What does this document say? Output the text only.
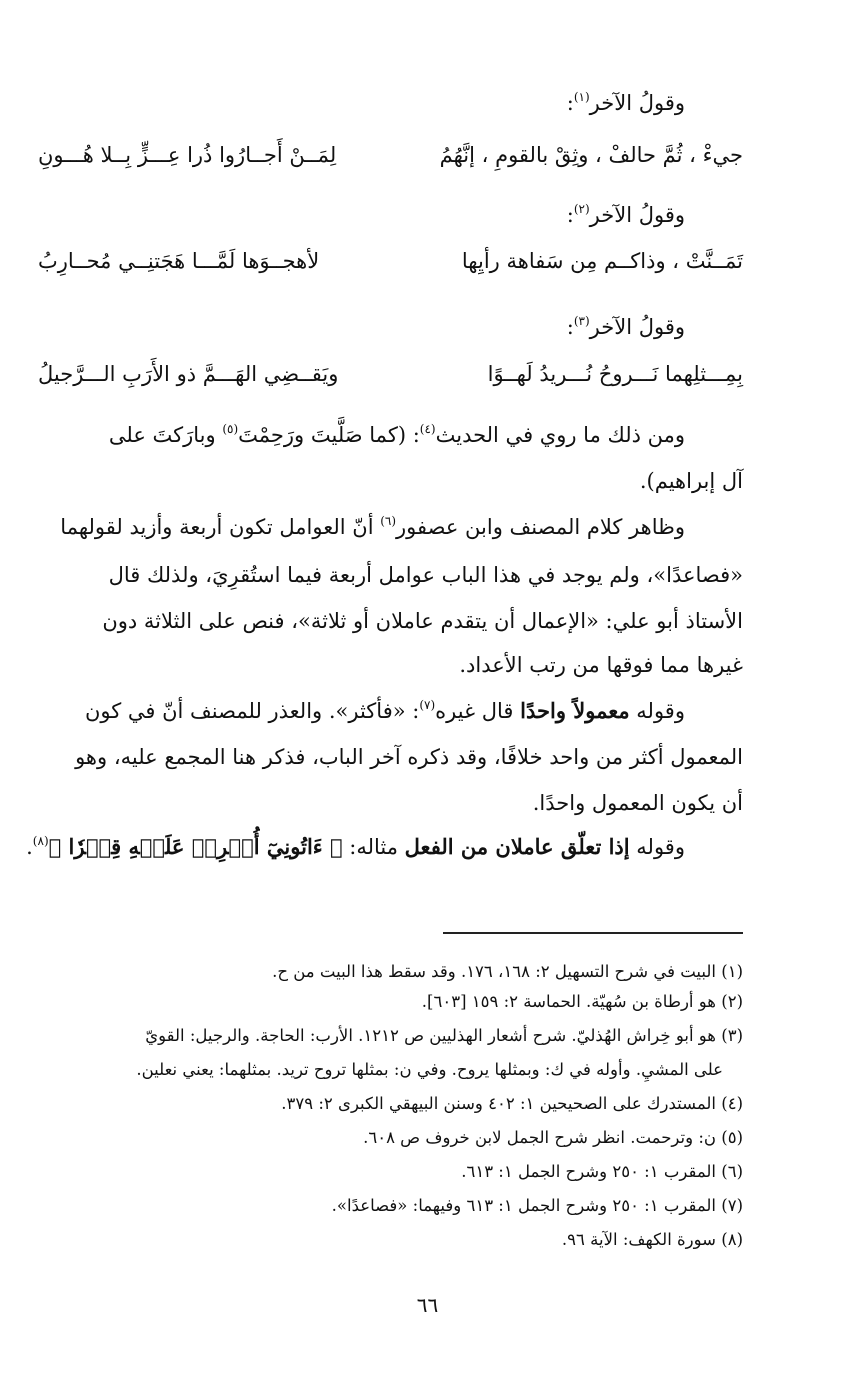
وقولُ الآخر$^{(١)}$:
جيءْ ، ثُمَّ حالفْ ، وثِقْ بالقومِ ، إنَّهُمُ
لِمَــنْ أَجــارُوا ذُرا عِـــزٍّ بِــلا هُـــونِ
وقولُ الآخر$^{(٢)}$:
تَمَــنَّتْ ، وذاكــم مِن سَفاهة رأيِها
لأهجــوَها لَمَّـــا هَجَتنِــي مُحــارِبُ
وقولُ الآخر$^{(٣)}$:
بِمِـــثلِهما نَـــروحُ نُـــريدُ لَهــوًا
ويَقــضِي الهَـــمَّ ذو الأَرَبِ الـــرَّجيلُ
ومن ذلك ما روي في الحديث$^{(٤)}$: (كما صَلَّيتَ ورَحِمْتَ$^{(٥)}$ وبارَكتَ على
آل إبراهيم).
وظاهر كلام المصنف وابن عصفور$^{(٦)}$ أنّ العوامل تكون أربعة وأزيد لقولهما
«فصاعدًا»، ولم يوجد في هذا الباب عوامل أربعة فيما استُقرِيَ، ولذلك قال
الأستاذ أبو علي: «الإعمال أن يتقدم عاملان أو ثلاثة»، فنص على الثلاثة دون
غيرها مما فوقها من رتب الأعداد.
وقوله معمولاً واحدًا قال غيره$^{(٧)}$: «فأكثر». والعذر للمصنف أنّ في كون
المعمول أكثر من واحد خلافًا، وقد ذكره آخر الباب، فذكر هنا المجمع عليه، وهو
أن يكون المعمول واحدًا.
وقوله إذا تعلّق عاملان من الفعل مثاله: ﴿ ءَاتُونِيٓ أُفۡرِغۡ عَلَيۡهِ قِطۡرٗا ﴾$^{(٨)}$.
(١) البيت في شرح التسهيل ٢: ١٦٨، ١٧٦. وقد سقط هذا البيت من ح.
(٢) هو أرطاة بن سُهيّة. الحماسة ٢: ١٥٩ [٦٠٣].
(٣) هو أبو خِراش الهُذليّ. شرح أشعار الهذليين ص ١٢١٢. الأرب: الحاجة. والرجيل: القويّ
على المشيِ. وأوله في ك: وبمثلها يروح. وفي ن: بمثلها تروح تريد. بمثلهما: يعني نعلين.
(٤) المستدرك على الصحيحين ١: ٤٠٢ وسنن البيهقي الكبرى ٢: ٣٧٩.
(٥) ن: وترحمت. انظر شرح الجمل لابن خروف ص ٦٠٨.
(٦) المقرب ١: ٢٥٠ وشرح الجمل ١: ٦١٣.
(٧) المقرب ١: ٢٥٠ وشرح الجمل ١: ٦١٣ وفيهما: «فصاعدًا».
(٨) سورة الكهف: الآية ٩٦.
٦٦
